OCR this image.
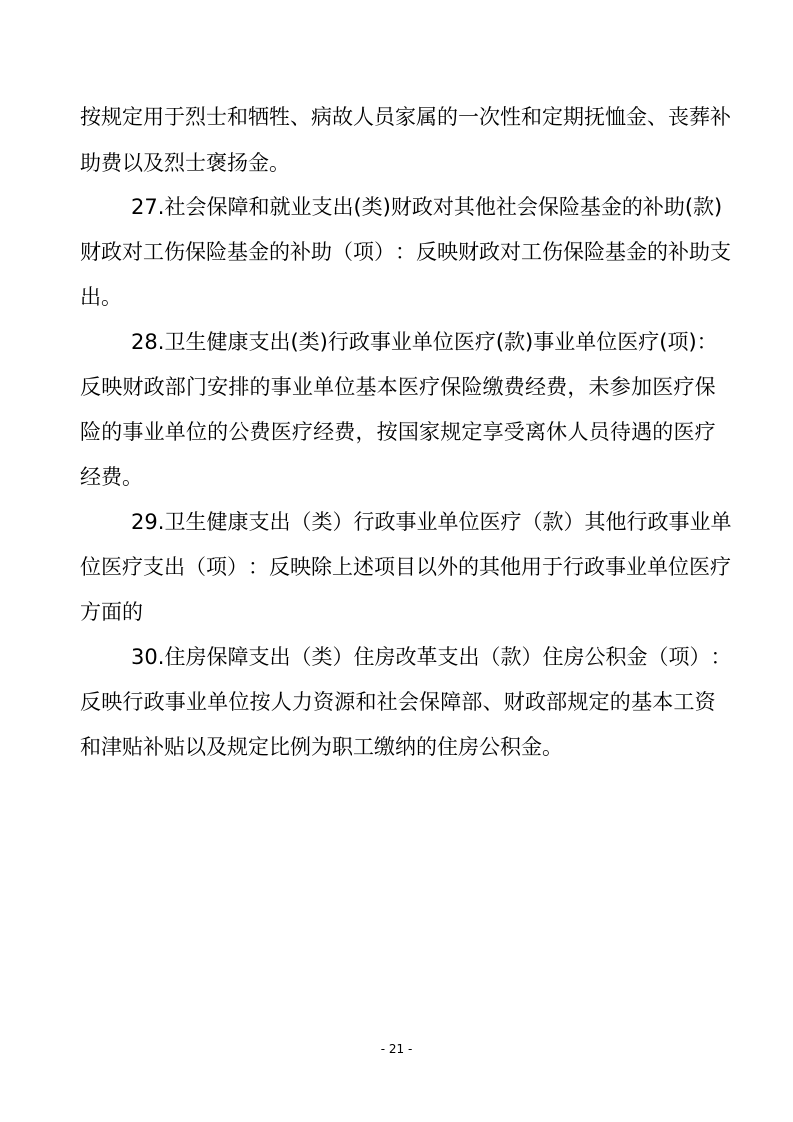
按 规 定 用 于 烈 士 和 牺 牲 、 病 故 人 员 家 属 的 一 次 性 和 定 期 抚 恤 金 、 丧 葬 补

助费以及烈士褒扬金。

2 7 . 社 会 保 障 和 就 业 支 出 ( 类 ) 财 政 对 其 他 社 会 保 险 基 金 的 补 助 ( 款 )

财 政 对 工 伤 保 险 基 金 的 补 助 （ 项 ） ： 反 映 财 政 对 工 伤 保 险 基 金 的 补 助 支

出。

2 8 . 卫 生 健 康 支 出 ( 类 ) 行 政 事 业 单 位 医 疗 ( 款 ) 事 业 单 位 医 疗 ( 项 ) ：

反 映 财 政 部 门 安 排 的 事 业 单 位 基 本 医 疗 保 险 缴 费 经 费 ， 未 参 加 医 疗 保

险 的 事 业 单 位 的 公 费 医 疗 经 费 ， 按 国 家 规 定 享 受 离 休 人 员 待 遇 的 医 疗

经费。

2 9 . 卫 生 健 康 支 出 （ 类 ） 行 政 事 业 单 位 医 疗 （ 款 ） 其 他 行 政 事 业 单

位 医 疗 支 出 （ 项 ） ： 反 映 除 上 述 项 目 以 外 的 其 他 用 于 行 政 事 业 单 位 医 疗

方面的

3 0 . 住 房 保 障 支 出 （ 类 ） 住 房 改 革 支 出 （ 款 ） 住 房 公 积 金 （ 项 ） ：

反 映 行 政 事 业 单 位 按 人 力 资 源 和 社 会 保 障 部 、 财 政 部 规 定 的 基 本 工 资

和津贴补贴以及规定比例为职工缴纳的住房公积金。

- 21 -
